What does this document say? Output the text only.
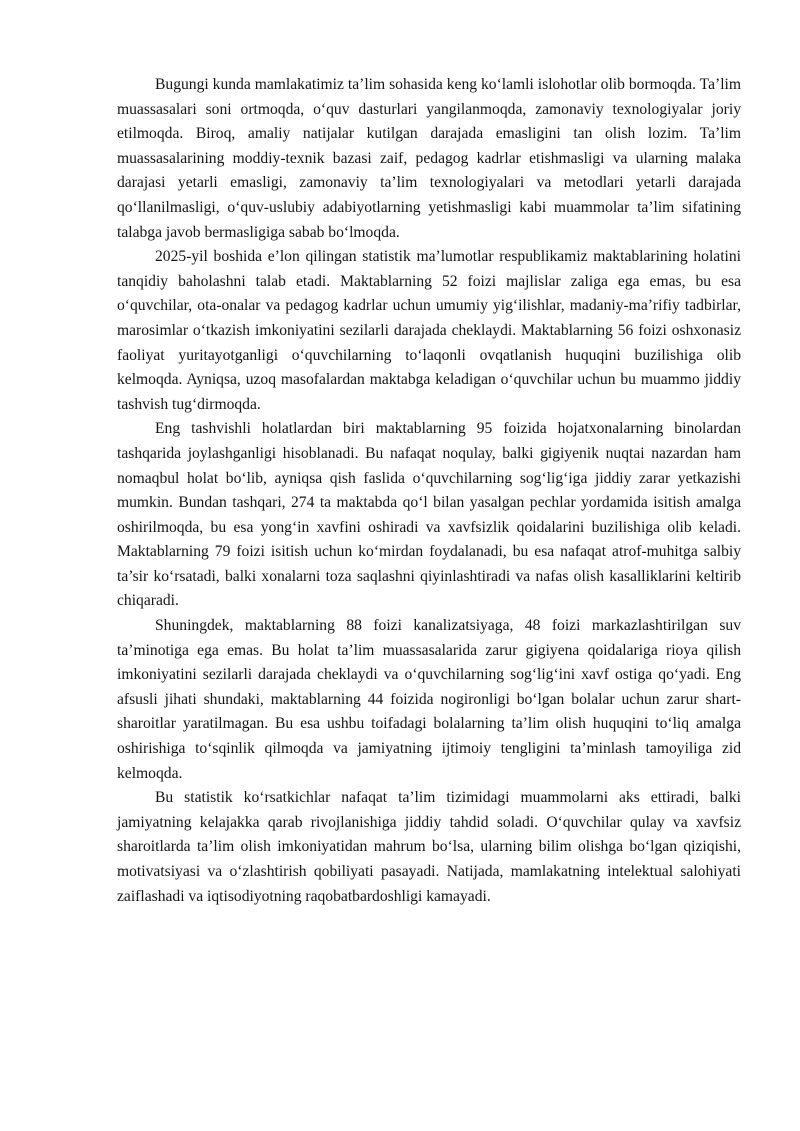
Bugungi kunda mamlakatimiz ta’lim sohasida keng ko‘lamli islohotlar olib bormoqda. Ta’lim muassasalari soni ortmoqda, o‘quv dasturlari yangilanmoqda, zamonaviy texnologiyalar joriy etilmoqda. Biroq, amaliy natijalar kutilgan darajada emasligini tan olish lozim. Ta’lim muassasalarining moddiy-texnik bazasi zaif, pedagog kadrlar etishmasligi va ularning malaka darajasi yetarli emasligi, zamonaviy ta’lim texnologiyalari va metodlari yetarli darajada qo‘llanilmasligi, o‘quv-uslubiy adabiyotlarning yetishmasligi kabi muammolar ta’lim sifatining talabga javob bermasligiga sabab bo‘lmoqda.

2025-yil boshida e’lon qilingan statistik ma’lumotlar respublikamiz maktablarining holatini tanqidiy baholashni talab etadi. Maktablarning 52 foizi majlislar zaliga ega emas, bu esa o‘quvchilar, ota-onalar va pedagog kadrlar uchun umumiy yig‘ilishlar, madaniy-ma’rifiy tadbirlar, marosimlar o‘tkazish imkoniyatini sezilarli darajada cheklaydi. Maktablarning 56 foizi oshxonasiz faoliyat yuritayotganligi o‘quvchilarning to‘laqonli ovqatlanish huquqini buzilishiga olib kelmoqda. Ayniqsa, uzoq masofalardan maktabga keladigan o‘quvchilar uchun bu muammo jiddiy tashvish tug‘dirmoqda.

Eng tashvishli holatlardan biri maktablarning 95 foizida hojatxonalarning binolardan tashqarida joylashganligi hisoblanadi. Bu nafaqat noqulay, balki gigiyenik nuqtai nazardan ham nomaqbul holat bo‘lib, ayniqsa qish faslida o‘quvchilarning sog‘lig‘iga jiddiy zarar yetkazishi mumkin. Bundan tashqari, 274 ta maktabda qo‘l bilan yasalgan pechlar yordamida isitish amalga oshirilmoqda, bu esa yong‘in xavfini oshiradi va xavfsizlik qoidalarini buzilishiga olib keladi. Maktablarning 79 foizi isitish uchun ko‘mirdan foydalanadi, bu esa nafaqat atrof-muhitga salbiy ta’sir ko‘rsatadi, balki xonalarni toza saqlashni qiyinlashtiradi va nafas olish kasalliklarini keltirib chiqaradi.

Shuningdek, maktablarning 88 foizi kanalizatsiyaga, 48 foizi markazlashtirilgan suv ta’minotiga ega emas. Bu holat ta’lim muassasalarida zarur gigiyena qoidalariga rioya qilish imkoniyatini sezilarli darajada cheklaydi va o‘quvchilarning sog‘lig‘ini xavf ostiga qo‘yadi. Eng afsusli jihati shundaki, maktablarning 44 foizida nogironligi bo‘lgan bolalar uchun zarur shart-sharoitlar yaratilmagan. Bu esa ushbu toifadagi bolalarning ta’lim olish huquqini to‘liq amalga oshirishiga to‘sqinlik qilmoqda va jamiyatning ijtimoiy tengligini ta’minlash tamoyiliga zid kelmoqda.

Bu statistik ko‘rsatkichlar nafaqat ta’lim tizimidagi muammolarni aks ettiradi, balki jamiyatning kelajakka qarab rivojlanishiga jiddiy tahdid soladi. O‘quvchilar qulay va xavfsiz sharoitlarda ta’lim olish imkoniyatidan mahrum bo‘lsa, ularning bilim olishga bo‘lgan qiziqishi, motivatsiyasi va o‘zlashtirish qobiliyati pasayadi. Natijada, mamlakatning intelektual salohiyati zaiflashadi va iqtisodiyotning raqobatbardoshligi kamayadi.
